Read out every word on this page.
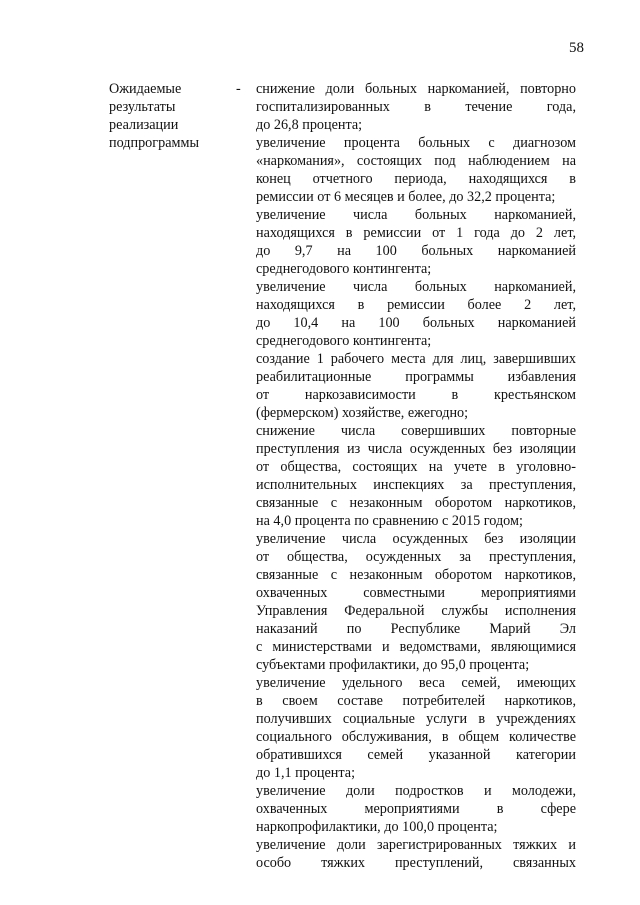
58
Ожидаемые
результаты
реализации
подпрограммы
- снижение доли больных наркоманией, повторно
госпитализированных в течение года,
до 26,8 процента;
увеличение процента больных с диагнозом
«наркомания», состоящих под наблюдением на
конец отчетного периода, находящихся в
ремиссии от 6 месяцев и более, до 32,2 процента;
увеличение числа больных наркоманией,
находящихся в ремиссии от 1 года до 2 лет,
до 9,7 на 100 больных наркоманией
среднегодового контингента;
увеличение числа больных наркоманией,
находящихся в ремиссии более 2 лет,
до 10,4 на 100 больных наркоманией
среднегодового контингента;
создание 1 рабочего места для лиц, завершивших
реабилитационные программы избавления
от наркозависимости в крестьянском
(фермерском) хозяйстве, ежегодно;
снижение числа совершивших повторные
преступления из числа осужденных без изоляции
от общества, состоящих на учете в уголовно-
исполнительных инспекциях за преступления,
связанные с незаконным оборотом наркотиков,
на 4,0 процента по сравнению с 2015 годом;
увеличение числа осужденных без изоляции
от общества, осужденных за преступления,
связанные с незаконным оборотом наркотиков,
охваченных совместными мероприятиями
Управления Федеральной службы исполнения
наказаний по Республике Марий Эл
с министерствами и ведомствами, являющимися
субъектами профилактики, до 95,0 процента;
увеличение удельного веса семей, имеющих
в своем составе потребителей наркотиков,
получивших социальные услуги в учреждениях
социального обслуживания, в общем количестве
обратившихся семей указанной категории
до 1,1 процента;
увеличение доли подростков и молодежи,
охваченных мероприятиями в сфере
наркопрофилактики, до 100,0 процента;
увеличение доли зарегистрированных тяжких и
особо тяжких преступлений, связанных
